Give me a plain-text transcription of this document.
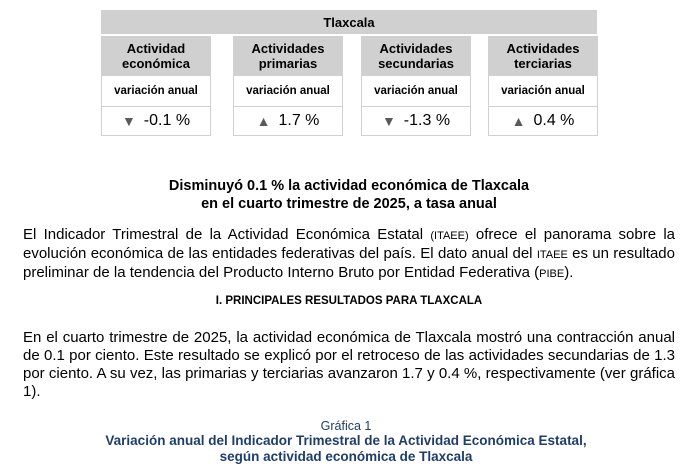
Tlaxcala
Actividad
económica
variación anual
▼ -0.1 %
Actividades
primarias
variación anual
▲ 1.7 %
Actividades
secundarias
variación anual
▼ -1.3 %
Actividades
terciarias
variación anual
▲ 0.4 %
Disminuyó 0.1 % la actividad económica de Tlaxcala
en el cuarto trimestre de 2025, a tasa anual
El Indicador Trimestral de la Actividad Económica Estatal (ITAEE) ofrece el panorama sobre la evolución económica de las entidades federativas del país. El dato anual del ITAEE es un resultado preliminar de la tendencia del Producto Interno Bruto por Entidad Federativa (PIBE).
I. PRINCIPALES RESULTADOS PARA TLAXCALA
En el cuarto trimestre de 2025, la actividad económica de Tlaxcala mostró una contracción anual de 0.1 por ciento. Este resultado se explicó por el retroceso de las actividades secundarias de 1.3 por ciento. A su vez, las primarias y terciarias avanzaron 1.7 y 0.4 %, respectivamente (ver gráfica 1).
Gráfica 1
Variación anual del Indicador Trimestral de la Actividad Económica Estatal,
según actividad económica de Tlaxcala
